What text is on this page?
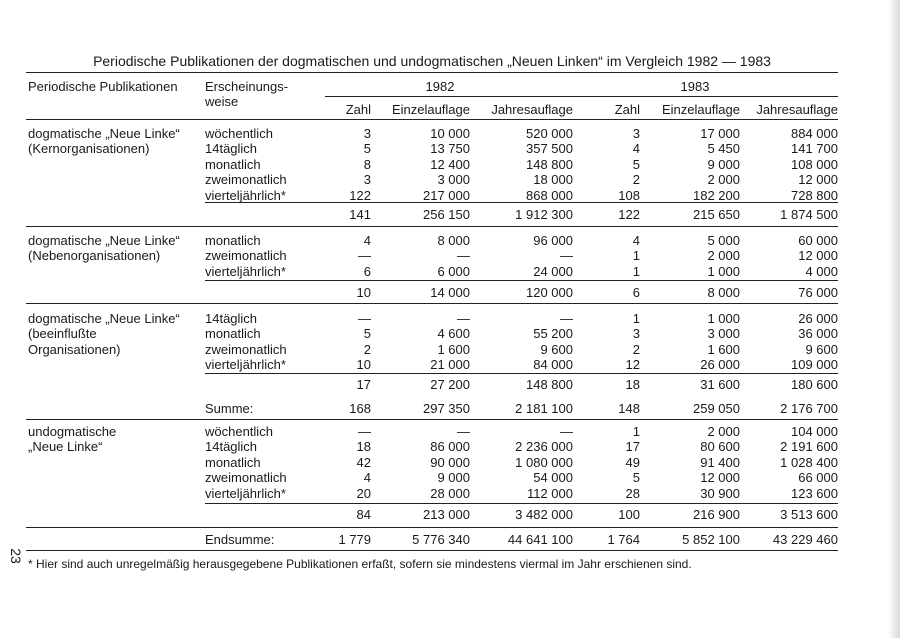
Periodische Publikationen der dogmatischen und undogmatischen „Neuen Linken“ im Vergleich 1982 — 1983
Periodische Publikationen Erscheinungs-
weise
1982	1983
Zahl	Einzelauflage	Jahresauflage	Zahl	Einzelauflage	Jahresauflage
dogmatische „Neue Linke“
(Kernorganisationen)
wöchentlich	3	10 000	520 000	3	17 000	884 000
14täglich	5	13 750	357 500	4	5 450	141 700
monatlich	8	12 400	148 800	5	9 000	108 000
zweimonatlich	3	3 000	18 000	2	2 000	12 000
vierteljährlich*	122	217 000	868 000	108	182 200	728 800
141	256 150	1 912 300	122	215 650	1 874 500
dogmatische „Neue Linke“
(Nebenorganisationen)
monatlich	4	8 000	96 000	4	5 000	60 000
zweimonatlich	—	—	—	1	2 000	12 000
vierteljährlich*	6	6 000	24 000	1	1 000	4 000
10	14 000	120 000	6	8 000	76 000
dogmatische „Neue Linke“
(beeinflußte
Organisationen)
14täglich	—	—	—	1	1 000	26 000
monatlich	5	4 600	55 200	3	3 000	36 000
zweimonatlich	2	1 600	9 600	2	1 600	9 600
vierteljährlich*	10	21 000	84 000	12	26 000	109 000
17	27 200	148 800	18	31 600	180 600
Summe:	168	297 350	2 181 100	148	259 050	2 176 700
undogmatische
„Neue Linke“
wöchentlich	—	—	—	1	2 000	104 000
14täglich	18	86 000	2 236 000	17	80 600	2 191 600
monatlich	42	90 000	1 080 000	49	91 400	1 028 400
zweimonatlich	4	9 000	54 000	5	12 000	66 000
vierteljährlich*	20	28 000	112 000	28	30 900	123 600
84	213 000	3 482 000	100	216 900	3 513 600
Endsumme:	1 779	5 776 340	44 641 100	1 764	5 852 100	43 229 460
23
* Hier sind auch unregelmäßig herausgegebene Publikationen erfaßt, sofern sie mindestens viermal im Jahr erschienen sind.
